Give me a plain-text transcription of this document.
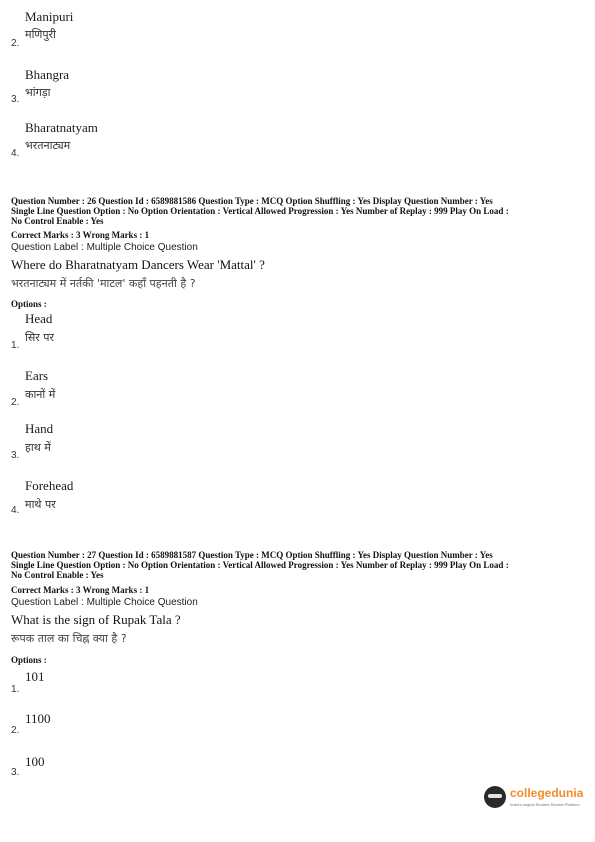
Manipuri
मणिपुरी
2.
Bhangra
भांगड़ा
3.
Bharatnatyam
भरतनाट्यम
4.
Question Number : 26 Question Id : 6589881586 Question Type : MCQ Option Shuffling : Yes Display Question Number : Yes
Single Line Question Option : No Option Orientation : Vertical Allowed Progression : Yes Number of Replay : 999 Play On Load :
No Control Enable : Yes
Correct Marks : 3 Wrong Marks : 1
Question Label : Multiple Choice Question
Where do Bharatnatyam Dancers Wear 'Mattal' ?
भरतनाट्यम में नर्तकी 'माटल' कहाँ पहनती है ?
Options :
Head
सिर पर
1.
Ears
कानों में
2.
Hand
हाथ में
3.
Forehead
माथे पर
4.
Question Number : 27 Question Id : 6589881587 Question Type : MCQ Option Shuffling : Yes Display Question Number : Yes
Single Line Question Option : No Option Orientation : Vertical Allowed Progression : Yes Number of Replay : 999 Play On Load :
No Control Enable : Yes
Correct Marks : 3 Wrong Marks : 1
Question Label : Multiple Choice Question
What is the sign of Rupak Tala ?
रूपक ताल का चिह्न क्या है ?
Options :
101
1.
1100
2.
100
3.
collegedunia
India's largest Student Review Platform
